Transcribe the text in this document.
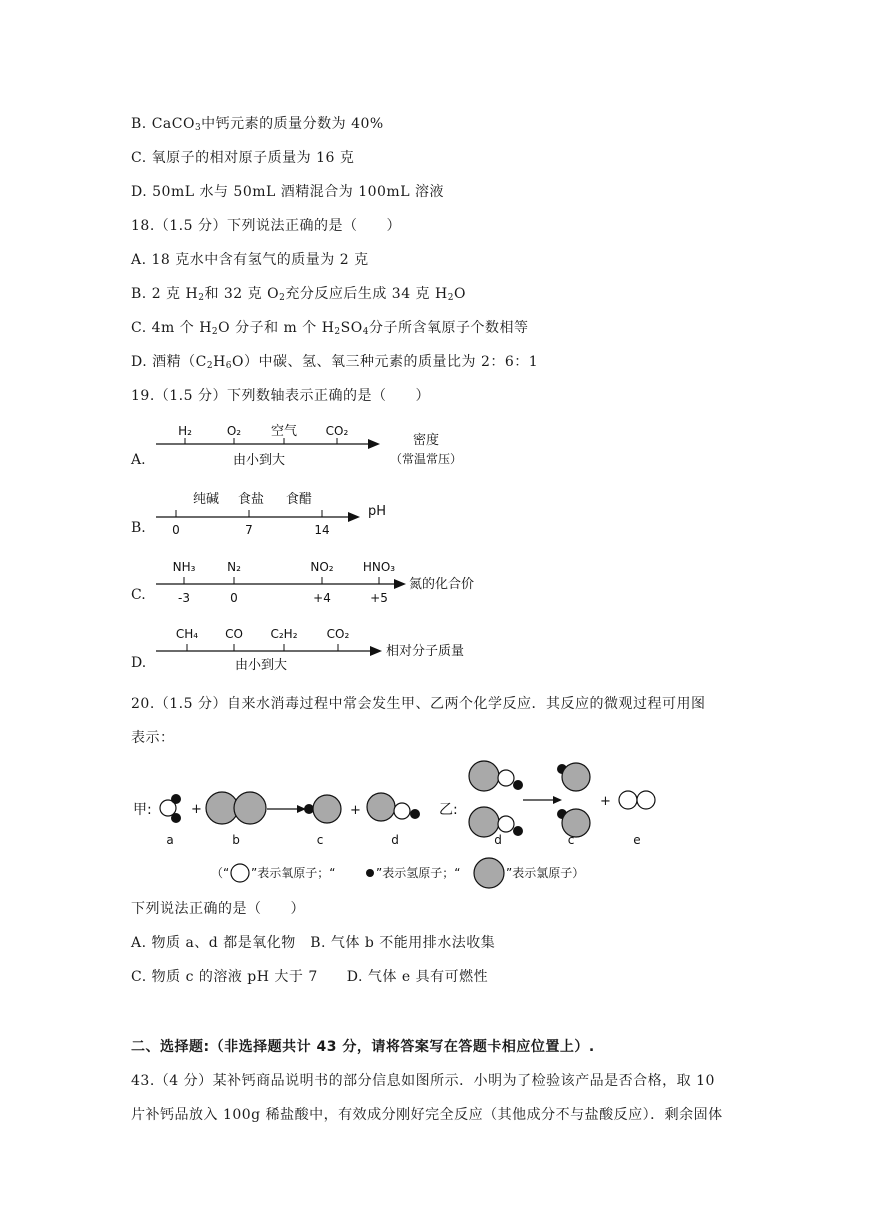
B. CaCO$_3$中钙元素的质量分数为 40%
C. 氧原子的相对原子质量为 16 克
D. 50mL 水与 50mL 酒精混合为 100mL 溶液
18.（1.5 分）下列说法正确的是（　　）
A. 18 克水中含有氢气的质量为 2 克
B. 2 克 $H_2$和 32 克 $O_2$充分反应后生成 34 克 $H_2O$
C. 4m 个 $H_2O$ 分子和 m 个 $H_2SO_4$分子所含氧原子个数相等
D. 酒精$(C_2H_6O)$中碳、氢、氧三种元素的质量比为 2：6：1
19.（1.5 分）下列数轴表示正确的是（　　）
A.
H₂	O₂ 空气 CO₂
由小到大
密度
（常温常压）
B.
纯碱 食盐 食醋
0	7	14
pH
C.
NH₃	N₂	NO₂ HNO₃
-3	0	+4	+5
氮的化合价
D.
CH₄ CO C₂H₂ CO₂
由小到大
相对分子质量
20.（1.5 分）自来水消毒过程中常会发生甲、乙两个化学反应．其反应的微观过程可用图
表示：
甲:	+	+
a	b	c	d
乙:
+
d	c	e
（“ ”表示氧原子；“	”表示氢原子；“	”表示氯原子）
下列说法正确的是（　　）
A. 物质 a、d 都是氧化物　B. 气体 b 不能用排水法收集
C. 物质 c 的溶液 pH 大于 7　　D. 气体 e 具有可燃性
二、选择题:（非选择题共计 43 分，请将答案写在答题卡相应位置上）.
43.（4 分）某补钙商品说明书的部分信息如图所示．小明为了检验该产品是否合格，取 10
片补钙品放入 100g 稀盐酸中，有效成分刚好完全反应（其他成分不与盐酸反应）．剩余固体
